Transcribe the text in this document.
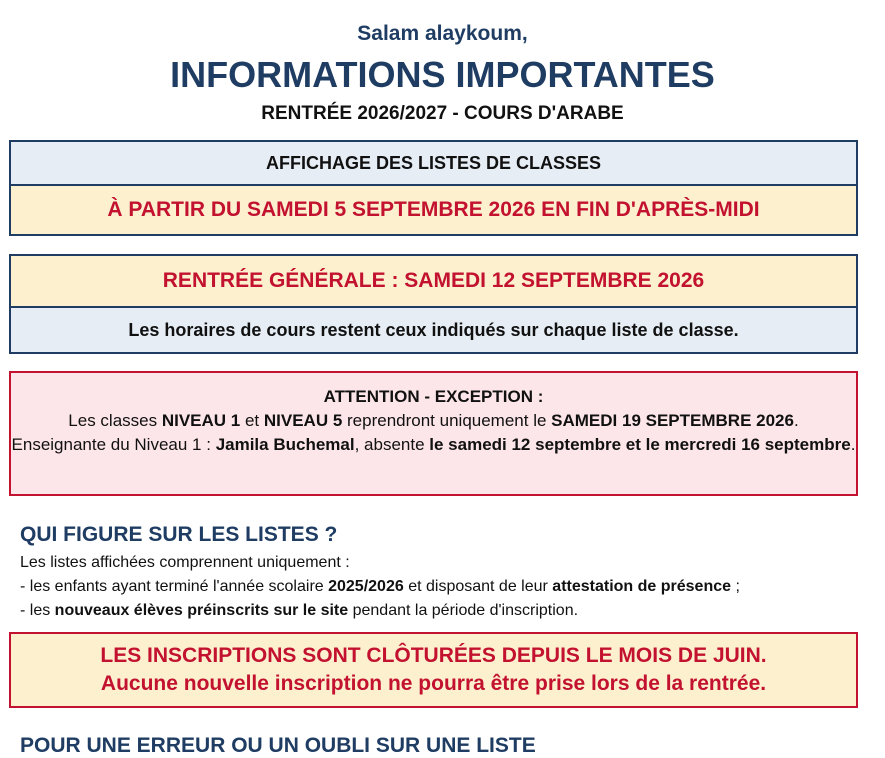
Salam alaykoum,
INFORMATIONS IMPORTANTES
RENTRÉE 2026/2027 - COURS D'ARABE
AFFICHAGE DES LISTES DE CLASSES
À PARTIR DU SAMEDI 5 SEPTEMBRE 2026 EN FIN D'APRÈS-MIDI
RENTRÉE GÉNÉRALE : SAMEDI 12 SEPTEMBRE 2026
Les horaires de cours restent ceux indiqués sur chaque liste de classe.

ATTENTION - EXCEPTION :

Les classes NIVEAU 1 et NIVEAU 5 reprendront uniquement le SAMEDI 19 SEPTEMBRE 2026.

Enseignante du Niveau 1 : Jamila Buchemal, absente le samedi 12 septembre et le mercredi 16 septembre.

QUI FIGURE SUR LES LISTES ?

Les listes affichées comprennent uniquement :

- les enfants ayant terminé l'année scolaire 2025/2026 et disposant de leur attestation de présence ;

- les nouveaux élèves préinscrits sur le site pendant la période d'inscription.

LES INSCRIPTIONS SONT CLÔTURÉES DEPUIS LE MOIS DE JUIN.

Aucune nouvelle inscription ne pourra être prise lors de la rentrée.

POUR UNE ERREUR OU UN OUBLI SUR UNE LISTE
